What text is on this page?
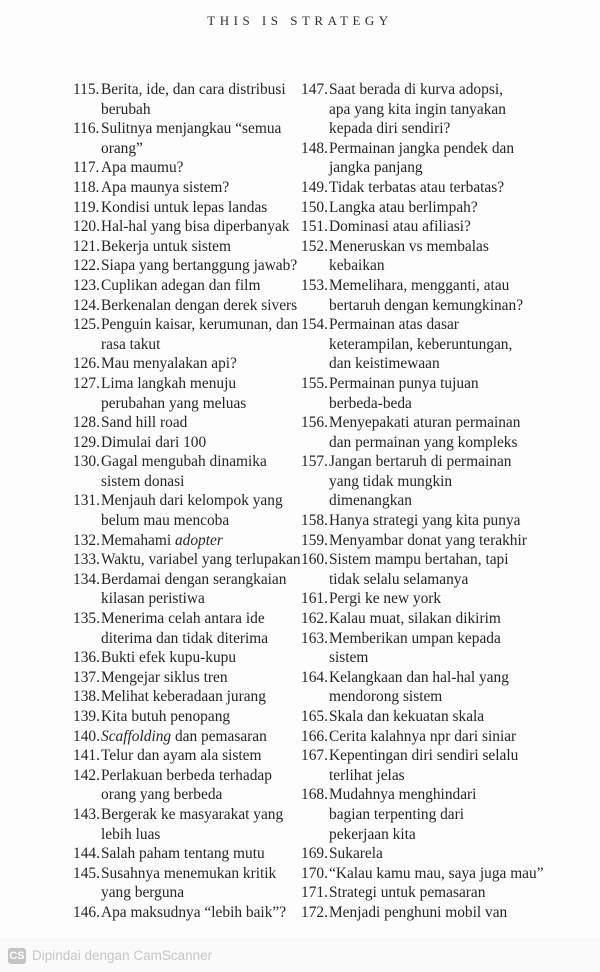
THIS IS STRATEGY
115. Berita, ide, dan cara distribusi
berubah
116. Sulitnya menjangkau “semua
orang”
117. Apa maumu?
118. Apa maunya sistem?
119. Kondisi untuk lepas landas
120. Hal-hal yang bisa diperbanyak
121. Bekerja untuk sistem
122. Siapa yang bertanggung jawab?
123. Cuplikan adegan dan film
124. Berkenalan dengan derek sivers
125. Penguin kaisar, kerumunan, dan
rasa takut
126. Mau menyalakan api?
127. Lima langkah menuju
perubahan yang meluas
128. Sand hill road
129. Dimulai dari 100
130. Gagal mengubah dinamika
sistem donasi
131. Menjauh dari kelompok yang
belum mau mencoba
132. Memahami adopter
133. Waktu, variabel yang terlupakan
134. Berdamai dengan serangkaian
kilasan peristiwa
135. Menerima celah antara ide
diterima dan tidak diterima
136. Bukti efek kupu-kupu
137. Mengejar siklus tren
138. Melihat keberadaan jurang
139. Kita butuh penopang
140. Scaffolding dan pemasaran
141. Telur dan ayam ala sistem
142. Perlakuan berbeda terhadap
orang yang berbeda
143. Bergerak ke masyarakat yang
lebih luas
144. Salah paham tentang mutu
145. Susahnya menemukan kritik
yang berguna
146. Apa maksudnya “lebih baik”?
147. Saat berada di kurva adopsi,
apa yang kita ingin tanyakan
kepada diri sendiri?
148. Permainan jangka pendek dan
jangka panjang
149. Tidak terbatas atau terbatas?
150. Langka atau berlimpah?
151. Dominasi atau afiliasi?
152. Meneruskan vs membalas
kebaikan
153. Memelihara, mengganti, atau
bertaruh dengan kemungkinan?
154. Permainan atas dasar
keterampilan, keberuntungan,
dan keistimewaan
155. Permainan punya tujuan
berbeda-beda
156. Menyepakati aturan permainan
dan permainan yang kompleks
157. Jangan bertaruh di permainan
yang tidak mungkin
dimenangkan
158. Hanya strategi yang kita punya
159. Menyambar donat yang terakhir
160. Sistem mampu bertahan, tapi
tidak selalu selamanya
161. Pergi ke new york
162. Kalau muat, silakan dikirim
163. Memberikan umpan kepada
sistem
164. Kelangkaan dan hal-hal yang
mendorong sistem
165. Skala dan kekuatan skala
166. Cerita kalahnya npr dari siniar
167. Kepentingan diri sendiri selalu
terlihat jelas
168. Mudahnya menghindari
bagian terpenting dari
pekerjaan kita
169. Sukarela
170. “Kalau kamu mau, saya juga mau”
171. Strategi untuk pemasaran
172. Menjadi penghuni mobil van
CS Dipindai dengan CamScanner
